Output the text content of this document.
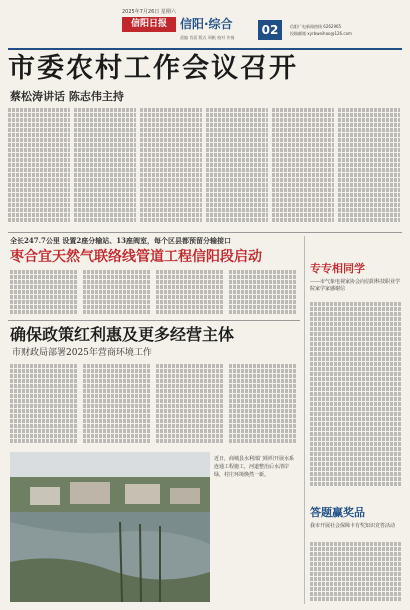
2025年7月26日 星期六
信阳日报	信阳·综合
责编 肖爱 版式 周帆 校对 许扬
02	信阳广电新闻热线 6262965
投稿邮箱 xyrbweihao@126.com
市委农村工作会议召开
蔡松涛讲话 陈志伟主持
全长247.7公里 设置2座分输站、13座阀室，每个区县都预留分输接口
枣合宜天然气联络线管道工程信阳段启动
确保政策红利惠及更多经营主体
市财政局部署2025年营商环境工作
近日，商城县水利部门组织开展水系连通工程施工，河道整治后水清岸绿，村庄环境焕然一新。
专专相同学
——市气象电视家协会向信阳科技职业学院家学家感谢信
答题赢奖品
我市开展社会保障卡有奖知识竞答活动
